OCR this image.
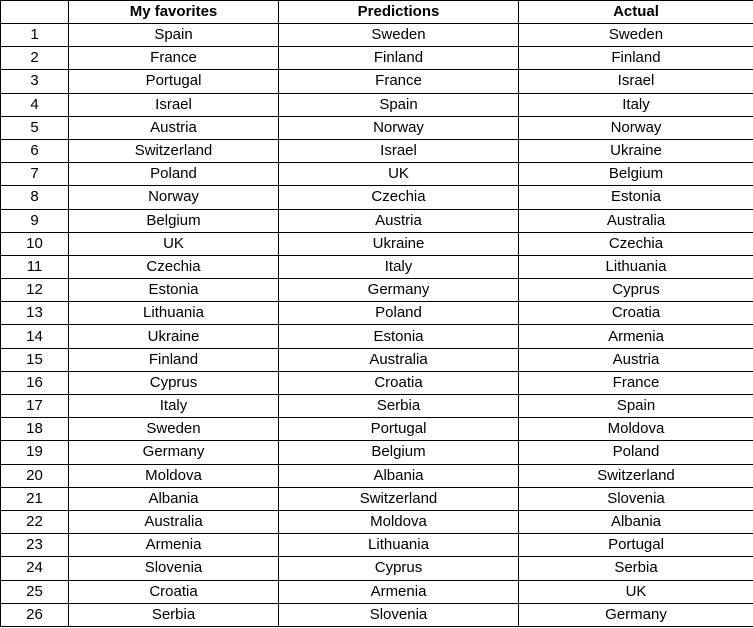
	My favorites	Predictions	Actual
1	Spain	Sweden	Sweden
2	France	Finland	Finland
3	Portugal	France	Israel
4	Israel	Spain	Italy
5	Austria	Norway	Norway
6	Switzerland	Israel	Ukraine
7	Poland	UK	Belgium
8	Norway	Czechia	Estonia
9	Belgium	Austria	Australia
10	UK	Ukraine	Czechia
11	Czechia	Italy	Lithuania
12	Estonia	Germany	Cyprus
13	Lithuania	Poland	Croatia
14	Ukraine	Estonia	Armenia
15	Finland	Australia	Austria
16	Cyprus	Croatia	France
17	Italy	Serbia	Spain
18	Sweden	Portugal	Moldova
19	Germany	Belgium	Poland
20	Moldova	Albania	Switzerland
21	Albania	Switzerland	Slovenia
22	Australia	Moldova	Albania
23	Armenia	Lithuania	Portugal
24	Slovenia	Cyprus	Serbia
25	Croatia	Armenia	UK
26	Serbia	Slovenia	Germany
